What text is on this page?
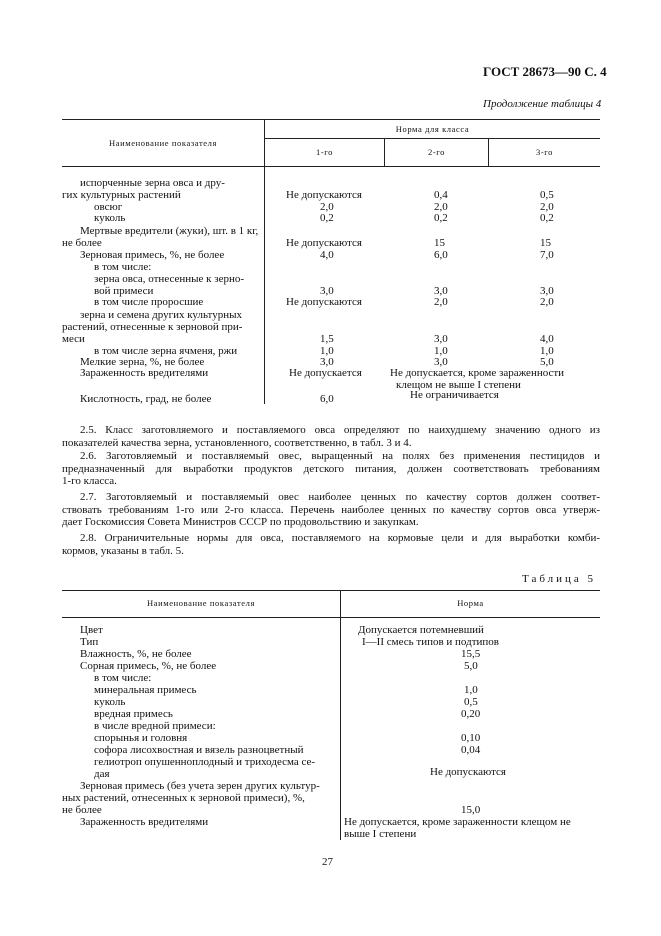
ГОСТ 28673—90 С. 4
Продолжение таблицы 4
Наименование показателя
Норма для класса
1-го	2-го	3-го
испорченные зерна овса и дру-
гих культурных растений	Не допускаются	0,4	0,5
овсюг	2,0	2,0	2,0
куколь	0,2	0,2	0,2
Мертвые вредители (жуки), шт. в 1 кг,
не более	Не допускаются	15	15
Зерновая примесь, %, не более	4,0	6,0	7,0
в том числе:
зерна овса, отнесенные к зерно-
вой примеси	3,0	3,0	3,0
в том числе проросшие	Не допускаются	2,0	2,0
зерна и семена других культурных
растений, отнесенные к зерновой при-
меси	1,5	3,0	4,0
в том числе зерна ячменя, ржи	1,0	1,0	1,0
Мелкие зерна, %, не более	3,0	3,0	5,0
Зараженность вредителями	Не допускается	Не допускается, кроме зараженности
клещом не выше I степени
Кислотность, град, не более	6,0	Не ограничивается
2.5. Класс заготовляемого и поставляемого овса определяют по наихудшему значению одного из
показателей качества зерна, установленного, соответственно, в табл. 3 и 4.
2.6. Заготовляемый и поставляемый овес, выращенный на полях без применения пестицидов и
предназначенный для выработки продуктов детского питания, должен соответствовать требованиям
1-го класса.
2.7. Заготовляемый и поставляемый овес наиболее ценных по качеству сортов должен соответ-
ствовать требованиям 1-го или 2-го класса. Перечень наиболее ценных по качеству сортов овса утверж-
дает Госкомиссия Совета Министров СССР по продовольствию и закупкам.
2.8. Ограничительные нормы для овса, поставляемого на кормовые цели и для выработки комби-
кормов, указаны в табл. 5.
Таблица 5
Наименование показателя	Норма
Цвет	Допускается потемневший
Тип	I—II смесь типов и подтипов
Влажность, %, не более	15,5
Сорная примесь, %, не более	5,0
в том числе:
минеральная примесь	1,0
куколь	0,5
вредная примесь	0,20
в числе вредной примеси:
спорынья и головня	0,10
софора лисохвостная и вязель разноцветный	0,04
гелиотроп опушенноплодный и триходесма се-
дая	Не допускаются
Зерновая примесь (без учета зерен других культур-
ных растений, отнесенных к зерновой примеси), %,
не более	15,0
Зараженность вредителями	Не допускается, кроме зараженности клещом не
выше I степени
27
